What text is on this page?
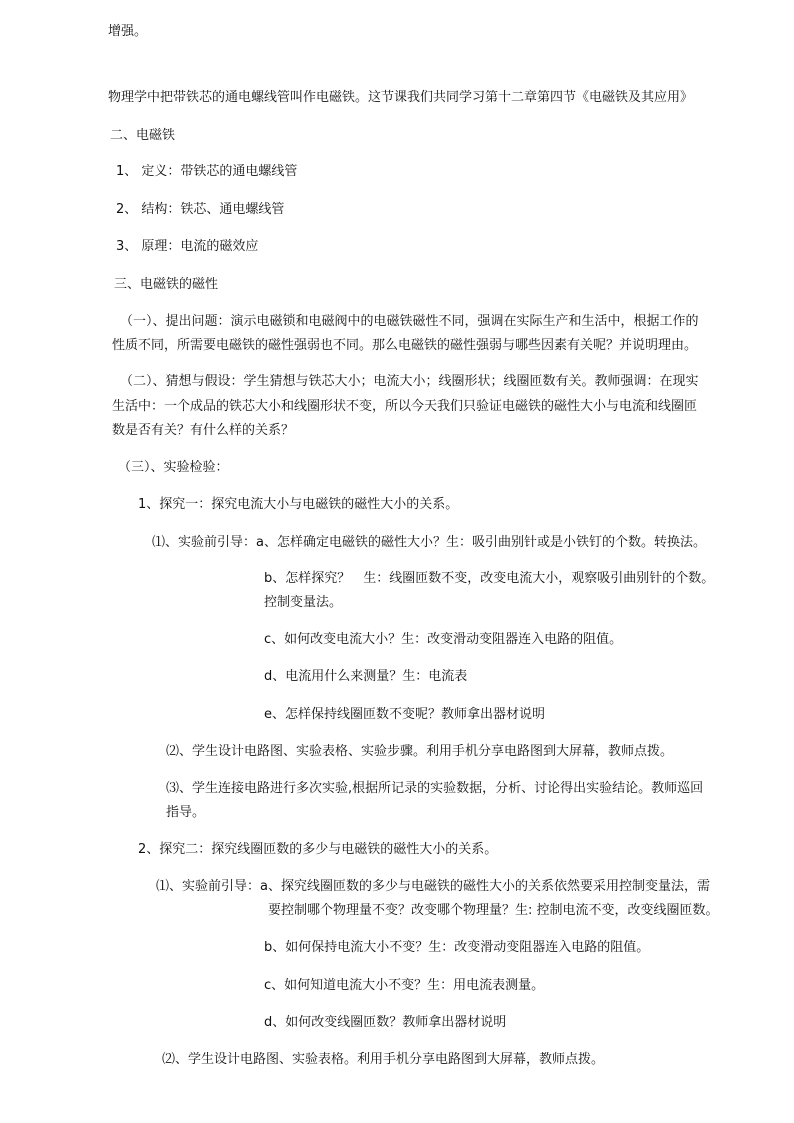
增强。
物理学中把带铁芯的通电螺线管叫作电磁铁。这节课我们共同学习第十二章第四节《电磁铁及其应用》
二、电磁铁
1、 定义：带铁芯的通电螺线管
2、 结构：铁芯、通电螺线管
3、 原理：电流的磁效应
三、电磁铁的磁性
（一）、提出问题：演示电磁锁和电磁阀中的电磁铁磁性不同，强调在实际生产和生活中，根据工作的
性质不同，所需要电磁铁的磁性强弱也不同。那么电磁铁的磁性强弱与哪些因素有关呢？并说明理由。
（二）、猜想与假设：学生猜想与铁芯大小；电流大小；线圈形状；线圈匝数有关。教师强调：在现实
生活中：一个成品的铁芯大小和线圈形状不变，所以今天我们只验证电磁铁的磁性大小与电流和线圈匝
数是否有关？有什么样的关系？
（三）、实验检验：
1、探究一：探究电流大小与电磁铁的磁性大小的关系。
⑴、实验前引导：a、怎样确定电磁铁的磁性大小？生：吸引曲别针或是小铁钉的个数。转换法。
b、怎样探究？　生：线圈匝数不变，改变电流大小，观察吸引曲别针的个数。
控制变量法。
c、如何改变电流大小？生：改变滑动变阻器连入电路的阻值。
d、电流用什么来测量？生：电流表
e、怎样保持线圈匝数不变呢？教师拿出器材说明
⑵、学生设计电路图、实验表格、实验步骤。利用手机分享电路图到大屏幕，教师点拨。
⑶、学生连接电路进行多次实验,根据所记录的实验数据，分析、讨论得出实验结论。教师巡回
指导。
2、探究二：探究线圈匝数的多少与电磁铁的磁性大小的关系。
⑴、实验前引导：a、探究线圈匝数的多少与电磁铁的磁性大小的关系依然要采用控制变量法，需
要控制哪个物理量不变？改变哪个物理量？生: 控制电流不变，改变线圈匝数。
b、如何保持电流大小不变？生：改变滑动变阻器连入电路的阻值。
c、如何知道电流大小不变？生：用电流表测量。
d、如何改变线圈匝数？教师拿出器材说明
⑵、学生设计电路图、实验表格。利用手机分享电路图到大屏幕，教师点拨。
